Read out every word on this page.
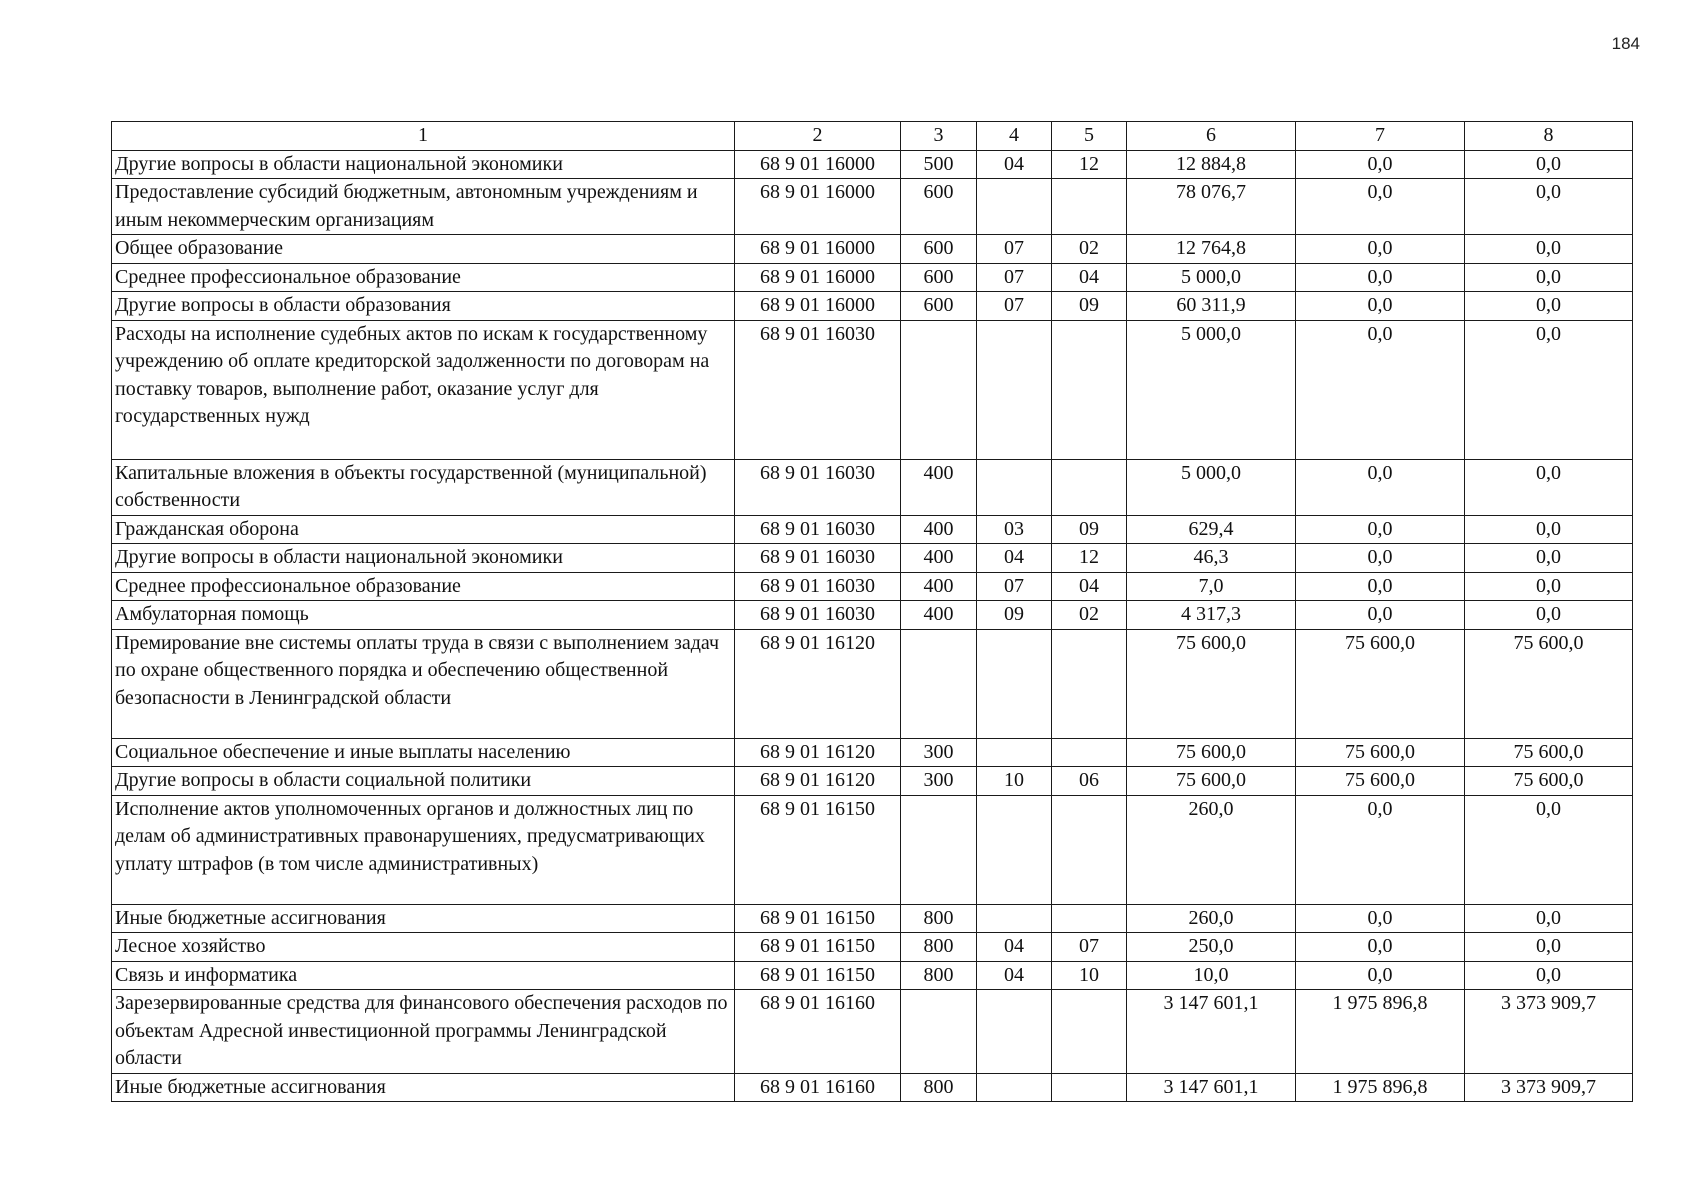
184
1	2	3	4	5	6	7	8
Другие вопросы в области национальной экономики	68 9 01 16000	500	04	12	12 884,8	0,0	0,0
Предоставление субсидий бюджетным, автономным учреждениям и иным некоммерческим организациям	68 9 01 16000	600			78 076,7	0,0	0,0
Общее образование	68 9 01 16000	600	07	02	12 764,8	0,0	0,0
Среднее профессиональное образование	68 9 01 16000	600	07	04	5 000,0	0,0	0,0
Другие вопросы в области образования	68 9 01 16000	600	07	09	60 311,9	0,0	0,0
Расходы на исполнение судебных актов по искам к государственному учреждению об оплате кредиторской задолженности по договорам на поставку товаров, выполнение работ, оказание услуг для государственных нужд	68 9 01 16030				5 000,0	0,0	0,0
Капитальные вложения в объекты государственной (муниципальной) собственности	68 9 01 16030	400			5 000,0	0,0	0,0
Гражданская оборона	68 9 01 16030	400	03	09	629,4	0,0	0,0
Другие вопросы в области национальной экономики	68 9 01 16030	400	04	12	46,3	0,0	0,0
Среднее профессиональное образование	68 9 01 16030	400	07	04	7,0	0,0	0,0
Амбулаторная помощь	68 9 01 16030	400	09	02	4 317,3	0,0	0,0
Премирование вне системы оплаты труда в связи с выполнением задач по охране общественного порядка и обеспечению общественной безопасности в Ленинградской области	68 9 01 16120				75 600,0	75 600,0	75 600,0
Социальное обеспечение и иные выплаты населению	68 9 01 16120	300			75 600,0	75 600,0	75 600,0
Другие вопросы в области социальной политики	68 9 01 16120	300	10	06	75 600,0	75 600,0	75 600,0
Исполнение актов уполномоченных органов и должностных лиц по делам об административных правонарушениях, предусматривающих уплату штрафов (в том числе административных)	68 9 01 16150				260,0	0,0	0,0
Иные бюджетные ассигнования	68 9 01 16150	800			260,0	0,0	0,0
Лесное хозяйство	68 9 01 16150	800	04	07	250,0	0,0	0,0
Связь и информатика	68 9 01 16150	800	04	10	10,0	0,0	0,0
Зарезервированные средства для финансового обеспечения расходов по объектам Адресной инвестиционной программы Ленинградской области	68 9 01 16160				3 147 601,1	1 975 896,8	3 373 909,7
Иные бюджетные ассигнования	68 9 01 16160	800			3 147 601,1	1 975 896,8	3 373 909,7
